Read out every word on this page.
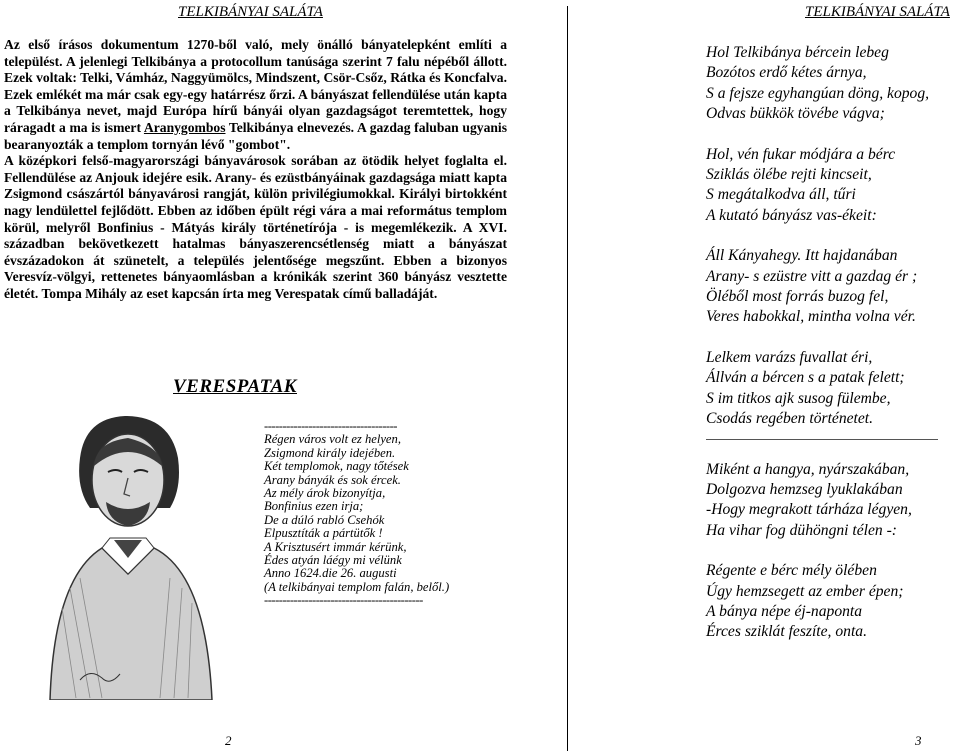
TELKIBÁNYAI SALÁTA

Az első írásos dokumentum 1270-ből való, mely önálló bányatelepként említi a települést. A jelenlegi Telkibánya a protocollum tanúsága szerint 7 falu népéből állott. Ezek voltak: Telki, Vámház, Naggyümölcs, Mindszent, Csör-Csőz, Rátka és Koncfalva. Ezek emlékét ma már csak egy-egy határrész őrzi. A bányászat fellendülése után kapta a Telkibánya nevet, majd Európa hírű bányái olyan gazdagságot teremtettek, hogy ráragadt a ma is ismert Aranygombos Telkibánya elnevezés. A gazdag faluban ugyanis bearanyozták a templom tornyán lévő "gombot".

A középkori felső-magyarországi bányavárosok sorában az ötödik helyet foglalta el. Fellendülése az Anjouk idejére esik. Arany- és ezüstbányáinak gazdagsága miatt kapta Zsigmond császártól bányavárosi rangját, külön privilégiumokkal. Királyi birtokként nagy lendülettel fejlődött. Ebben az időben épült régi vára a mai református templom körül, melyről Bonfinius - Mátyás király történetírója - is megemlékezik. A XVI. században bekövetkezett hatalmas bányaszerencsétlenség miatt a bányászat évszázadokon át szünetelt, a település jelentősége megszűnt. Ebben a bizonyos Veresvíz-völgyi, rettenetes bányaomlásban a krónikák szerint 360 bányász vesztette életét. Tompa Mihály az eset kapcsán írta meg Verespatak című balladáját.

VERESPATAK
------------------------------------
Régen város volt ez helyen,
Zsigmond király idejében.
Két templomok, nagy tőtések
Arany bányák és sok ércek.
Az mély árok bizonyítja,
Bonfinius ezen irja;
De a dúló rabló Csehók
Elpusztíták a pártütők !
A Krisztusért immár kérünk,
Édes atyán láégy mi vélünk
Anno 1624.die 26. augusti
(A telkibányai templom falán, belől.)
-------------------------------------------
2
TELKIBÁNYAI SALÁTA
Hol Telkibánya bércein lebeg
Bozótos erdő kétes árnya,
S a fejsze egyhangúan döng, kopog,
Odvas bükkök tövébe vágva;
Hol, vén fukar módjára a bérc
Sziklás ölébe rejti kincseit,
S megátalkodva áll, tűri
A kutató bányász vas-ékeit:
Áll Kányahegy. Itt hajdanában
Arany- s ezüstre vitt a gazdag ér ;
Öléből most forrás buzog fel,
Veres habokkal, mintha volna vér.
Lelkem varázs fuvallat éri,
Állván a bércen s a patak felett;
S im titkos ajk susog fülembe,
Csodás regében történetet.
Miként a hangya, nyárszakában,
Dolgozva hemzseg lyuklakában
-Hogy megrakott tárháza légyen,
Ha vihar fog dühöngni télen -:
Régente e bérc mély ölében
Úgy hemzsegett az ember épen;
A bánya népe éj-naponta
Érces sziklát feszíte, onta.
3
